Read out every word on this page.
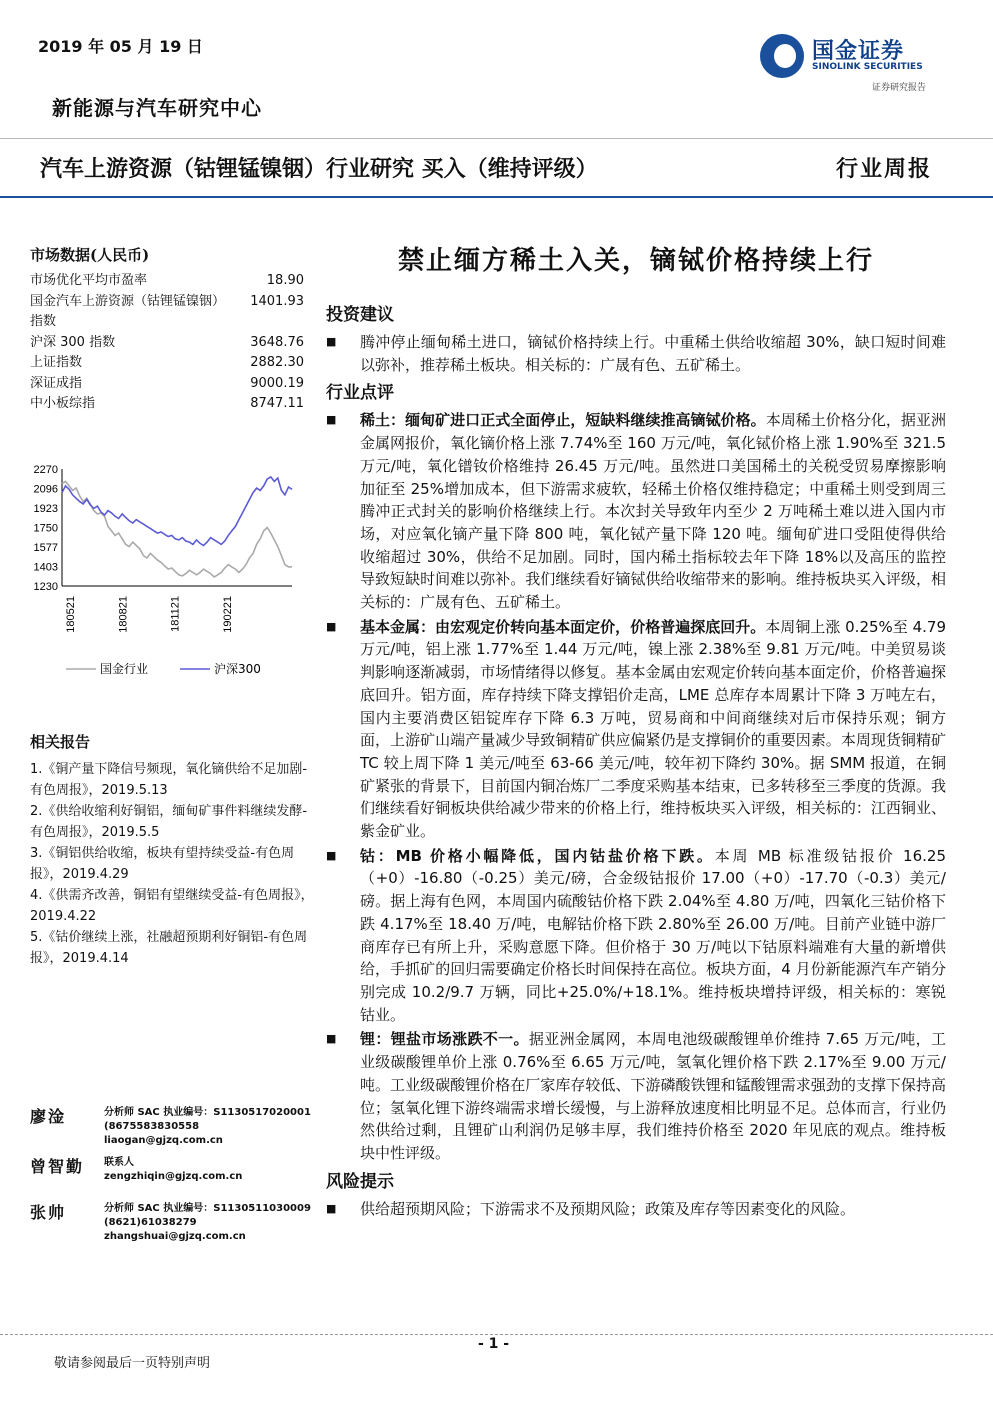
2019 年 05 月 19 日	国金证券
SINOLINK SECURITIES
证券研究报告
新能源与汽车研究中心
汽车上游资源（钴锂锰镍铟）行业研究 买入（维持评级）	行业周报
市场数据(人民币)
市场优化平均市盈率	18.90
国金汽车上游资源（钴锂锰镍铟）指数
1401.93
沪深 300 指数	3648.76
上证指数	2882.30
深证成指	9000.19
中小板综指	8747.11
2270
2096
1923
1750
1577
1403
1230
180521	180821	181121	190221
国金行业	沪深300
相关报告
1.《铜产量下降信号频现，氧化镝供给不足加剧-有色周报》，2019.5.13
2.《供给收缩利好铜铝，缅甸矿事件料继续发酵-有色周报》，2019.5.5
3.《铜铝供给收缩，板块有望持续受益-有色周报》，2019.4.29
4.《供需齐改善，铜铝有望继续受益-有色周报》，2019.4.22
5.《钴价继续上涨，社融超预期利好铜铝-有色周报》，2019.4.14
廖淦	分析师 SAC 执业编号：S1130517020001
(8675583830558
liaogan@gjzq.com.cn
曾智勤 联系人
zengzhiqin@gjzq.com.cn
张帅	分析师 SAC 执业编号：S1130511030009
(8621)61038279
zhangshuai@gjzq.com.cn
禁止缅方稀土入关，镝铽价格持续上行
投资建议
■ 腾冲停止缅甸稀土进口，镝铽价格持续上行。中重稀土供给收缩超 30%，缺口短时间难以弥补，推荐稀土板块。相关标的：广晟有色、五矿稀土。
行业点评
■ 稀土：缅甸矿进口正式全面停止，短缺料继续推高镝铽价格。本周稀土价格分化，据亚洲金属网报价，氧化镝价格上涨 7.74%至 160 万元/吨，氧化铽价格上涨 1.90%至 321.5 万元/吨，氧化镨钕价格维持 26.45 万元/吨。虽然进口美国稀土的关税受贸易摩擦影响加征至 25%增加成本，但下游需求疲软，轻稀土价格仅维持稳定；中重稀土则受到周三腾冲正式封关的影响价格继续上行。本次封关导致年内至少 2 万吨稀土难以进入国内市场，对应氧化镝产量下降 800 吨，氧化铽产量下降 120 吨。缅甸矿进口受阻使得供给收缩超过 30%，供给不足加剧。同时，国内稀土指标较去年下降 18%以及高压的监控导致短缺时间难以弥补。我们继续看好镝铽供给收缩带来的影响。维持板块买入评级，相关标的：广晟有色、五矿稀土。
■ 基本金属：由宏观定价转向基本面定价，价格普遍探底回升。本周铜上涨 0.25%至 4.79 万元/吨，铝上涨 1.77%至 1.44 万元/吨，镍上涨 2.38%至 9.81 万元/吨。中美贸易谈判影响逐渐减弱，市场情绪得以修复。基本金属由宏观定价转向基本面定价，价格普遍探底回升。铝方面，库存持续下降支撑铝价走高，LME 总库存本周累计下降 3 万吨左右，国内主要消费区铝锭库存下降 6.3 万吨，贸易商和中间商继续对后市保持乐观；铜方面，上游矿山端产量减少导致铜精矿供应偏紧仍是支撑铜价的重要因素。本周现货铜精矿 TC 较上周下降 1 美元/吨至 63-66 美元/吨，较年初下降约 30%。据 SMM 报道，在铜矿紧张的背景下，目前国内铜冶炼厂二季度采购基本结束，已多转移至三季度的货源。我们继续看好铜板块供给减少带来的价格上行，维持板块买入评级，相关标的：江西铜业、紫金矿业。
■ 钴：MB 价格小幅降低，国内钴盐价格下跌。本周 MB 标准级钴报价 16.25（+0）-16.80（-0.25）美元/磅，合金级钴报价 17.00（+0）-17.70（-0.3）美元/磅。据上海有色网，本周国内硫酸钴价格下跌 2.04%至 4.80 万/吨，四氧化三钴价格下跌 4.17%至 18.40 万/吨，电解钴价格下跌 2.80%至 26.00 万/吨。目前产业链中游厂商库存已有所上升，采购意愿下降。但价格于 30 万/吨以下钴原料端难有大量的新增供给，手抓矿的回归需要确定价格长时间保持在高位。板块方面，4 月份新能源汽车产销分别完成 10.2/9.7 万辆，同比+25.0%/+18.1%。维持板块增持评级，相关标的：寒锐钴业。
■ 锂：锂盐市场涨跌不一。据亚洲金属网，本周电池级碳酸锂单价维持 7.65 万元/吨，工业级碳酸锂单价上涨 0.76%至 6.65 万元/吨，氢氧化锂价格下跌 2.17%至 9.00 万元/吨。工业级碳酸锂价格在厂家库存较低、下游磷酸铁锂和锰酸锂需求强劲的支撑下保持高位；氢氧化锂下游终端需求增长缓慢，与上游释放速度相比明显不足。总体而言，行业仍然供给过剩，且锂矿山利润仍足够丰厚，我们维持价格至 2020 年见底的观点。维持板块中性评级。
风险提示
■ 供给超预期风险；下游需求不及预期风险；政策及库存等因素变化的风险。
- 1 -
敬请参阅最后一页特别声明
